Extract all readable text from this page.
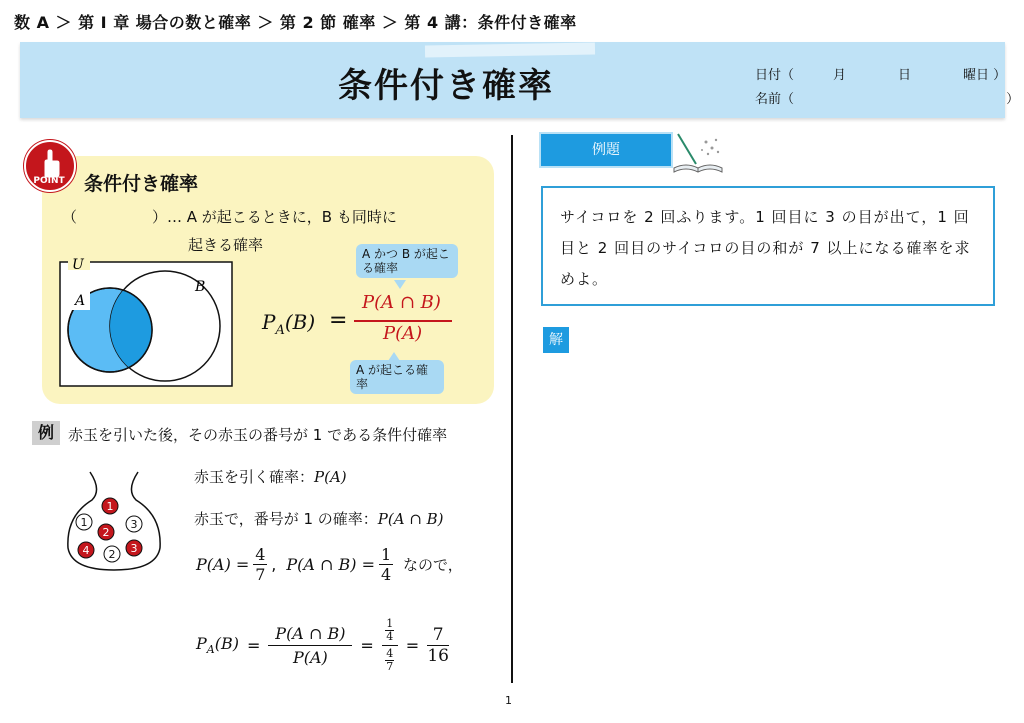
数 A ＞ 第 I 章 場合の数と確率 ＞ 第 2 節 確率 ＞ 第 4 講：条件付き確率
条件付き確率	日付（　　　月　　　　日　　　　曜日 ）
名前（　　　　　　　　　　　　　　　　 ）
POINT	条件付き確率
（　　　　　）… A が起こるときに，B も同時に
起きる確率
U
A
B
A かつ B が起こる確率
$P_A(B)$ =
P(A ∩ B)
P(A)
A が起こる確率
例 赤玉を引いた後，その赤玉の番号が 1 である条件付確率
1
1
2
3
4 2 3
赤玉を引く確率：P(A)
赤玉で，番号が 1 の確率：P(A ∩ B)
P(A) =
4
7
, P(A ∩ B) =
1
4 なので，
$P_A(B)$ =
P(A ∩ B)
P(A)
=
1
4
4
7
=
7
16
例題
サイコロを 2 回ふります。1 回目に 3 の目が出て，1 回目と 2 回目のサイコロの目の和が 7 以上になる確率を求めよ。
解
1
